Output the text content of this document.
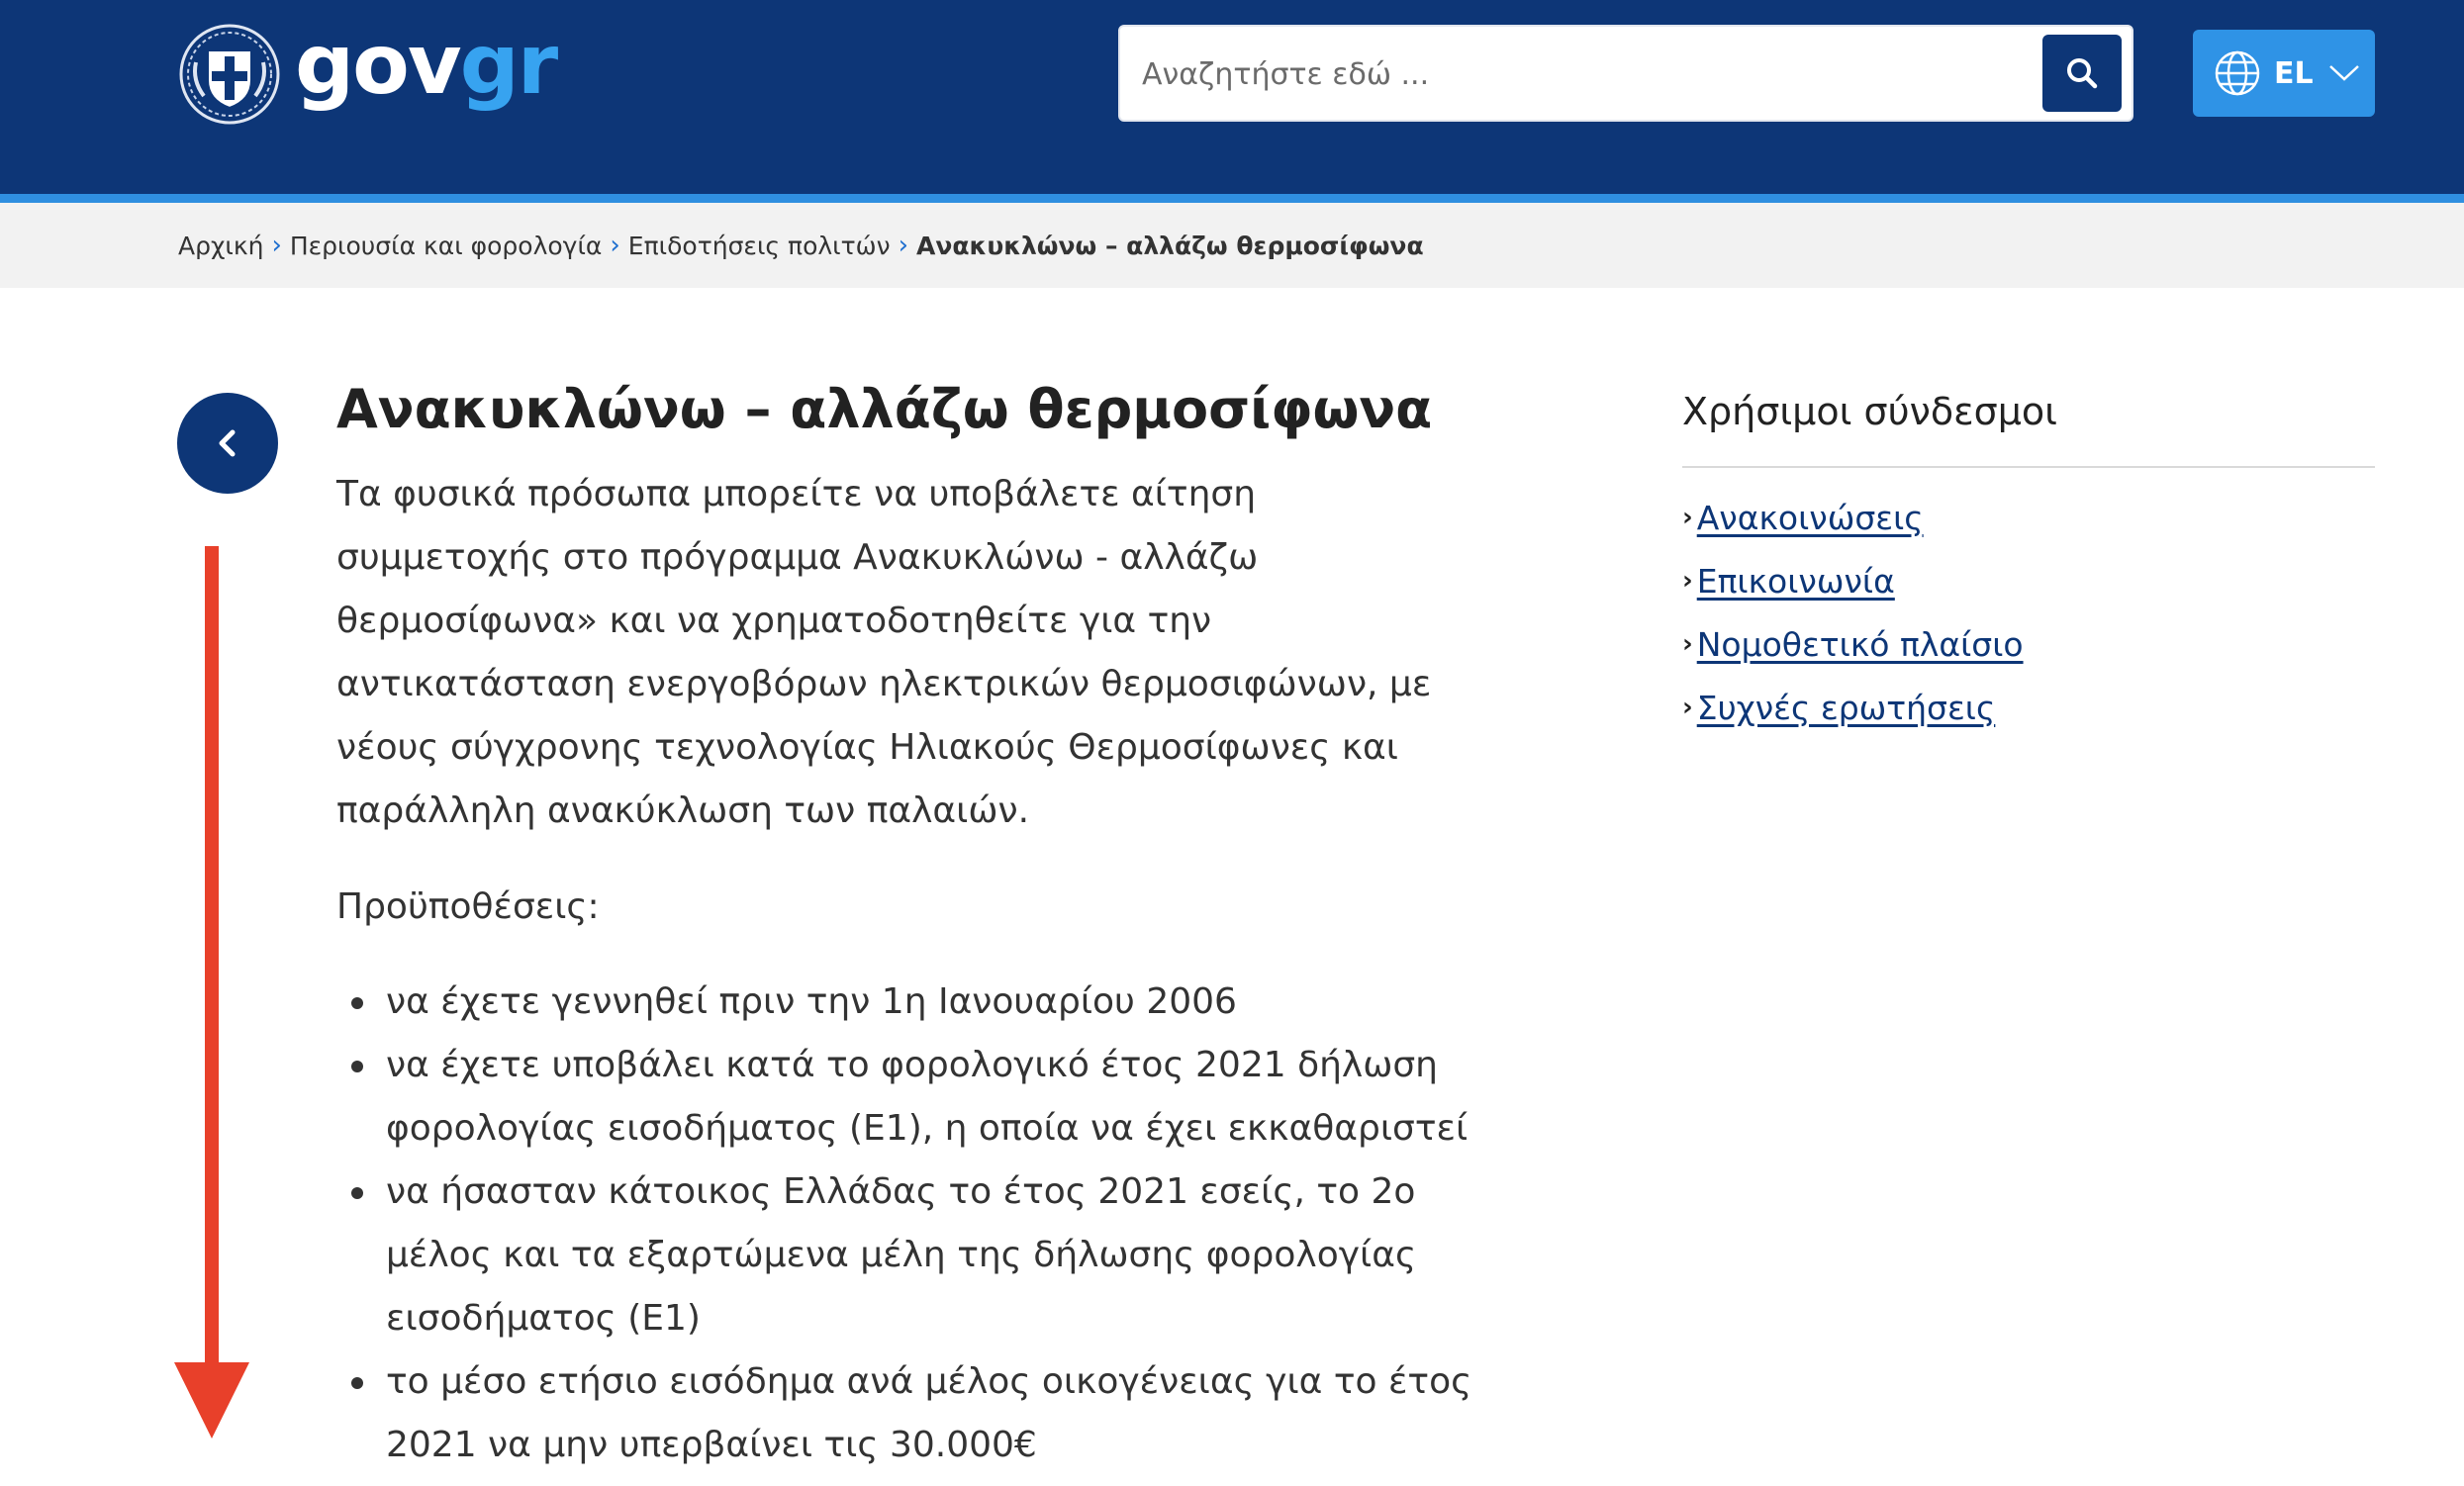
govgr
Αναζητήστε εδώ ...	EL
Αρχική › Περιουσία και φορολογία › Επιδοτήσεις πολιτών › Ανακυκλώνω – αλλάζω θερμοσίφωνα
Ανακυκλώνω – αλλάζω θερμοσίφωνα

Τα φυσικά πρόσωπα μπορείτε να υποβάλετε αίτηση συμμετοχής στο πρόγραμμα Ανακυκλώνω - αλλάζω θερμοσίφωνα» και να χρηματοδοτηθείτε για την αντικατάσταση ενεργοβόρων ηλεκτρικών θερμοσιφώνων, με νέους σύγχρονης τεχνολογίας Ηλιακούς Θερμοσίφωνες και παράλληλη ανακύκλωση των παλαιών.

Προϋποθέσεις:

να έχετε γεννηθεί πριν την 1η Ιανουαρίου 2006
να έχετε υποβάλει κατά το φορολογικό έτος 2021 δήλωση φορολογίας εισοδήματος (Ε1), η οποία να έχει εκκαθαριστεί
να ήσασταν κάτοικος Ελλάδας το έτος 2021 εσείς, το 2ο μέλος και τα εξαρτώμενα μέλη της δήλωσης φορολογίας εισοδήματος (Ε1)
το μέσο ετήσιο εισόδημα ανά μέλος οικογένειας για το έτος 2021 να μην υπερβαίνει τις 30.000€
Χρήσιμοι σύνδεσμοι
› Ανακοινώσεις
› Επικοινωνία
› Νομοθετικό πλαίσιο
› Συχνές ερωτήσεις
